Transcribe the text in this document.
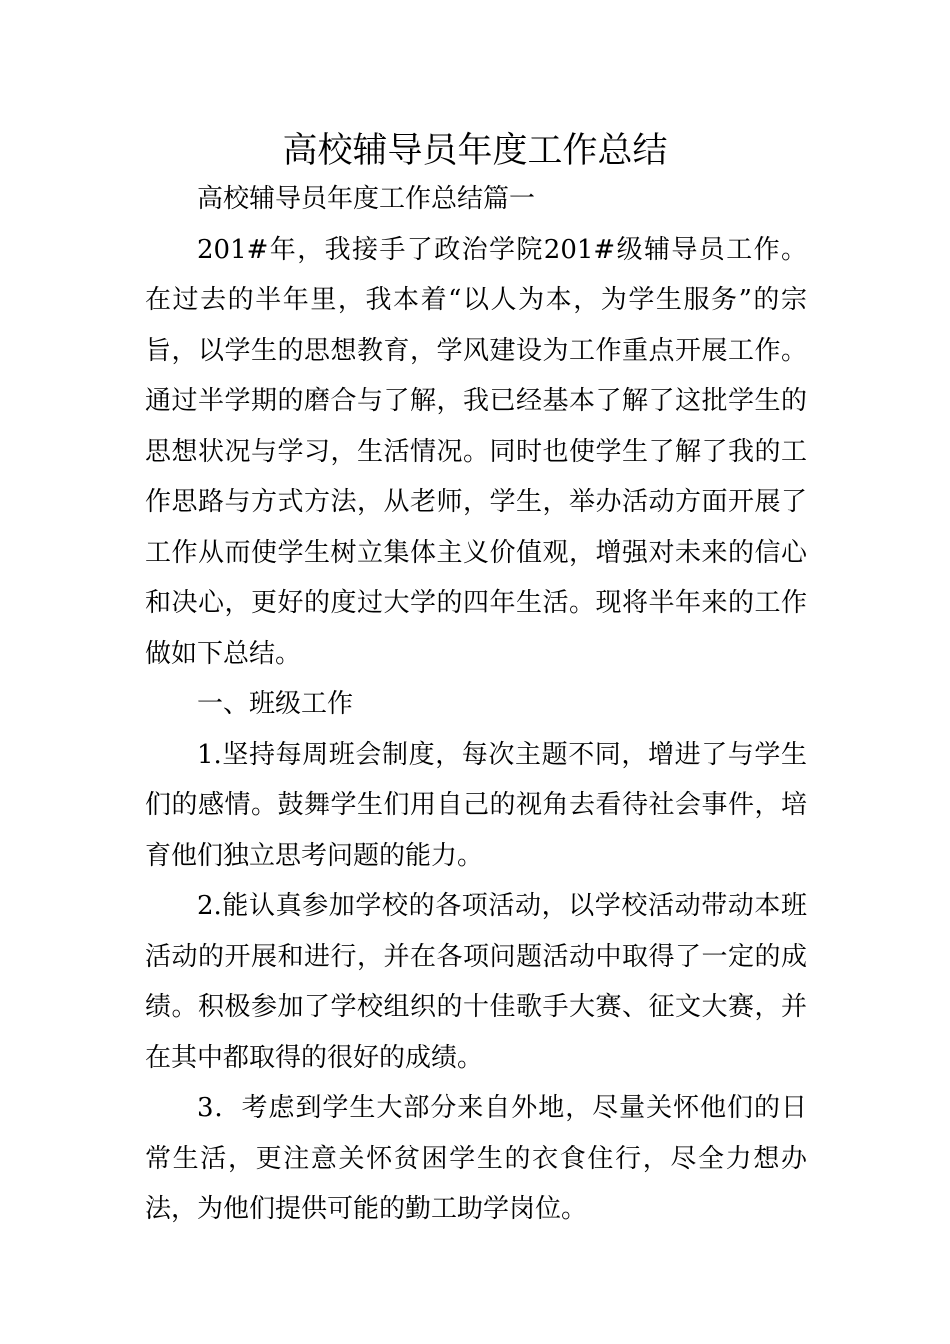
高校辅导员年度工作总结

高校辅导员年度工作总结篇一

201#年，我接手了政治学院201#级辅导员工作。在过去的半年里，我本着“以人为本，为学生服务”的宗旨，以学生的思想教育，学风建设为工作重点开展工作。通过半学期的磨合与了解，我已经基本了解了这批学生的思想状况与学习，生活情况。同时也使学生了解了我的工作思路与方式方法，从老师，学生，举办活动方面开展了工作从而使学生树立集体主义价值观，增强对未来的信心和决心，更好的度过大学的四年生活。现将半年来的工作做如下总结。

一、班级工作

1.坚持每周班会制度，每次主题不同，增进了与学生们的感情。鼓舞学生们用自己的视角去看待社会事件，培育他们独立思考问题的能力。

2.能认真参加学校的各项活动，以学校活动带动本班活动的开展和进行，并在各项问题活动中取得了一定的成绩。积极参加了学校组织的十佳歌手大赛、征文大赛，并在其中都取得的很好的成绩。

3．考虑到学生大部分来自外地，尽量关怀他们的日常生活，更注意关怀贫困学生的衣食住行，尽全力想办法，为他们提供可能的勤工助学岗位。
